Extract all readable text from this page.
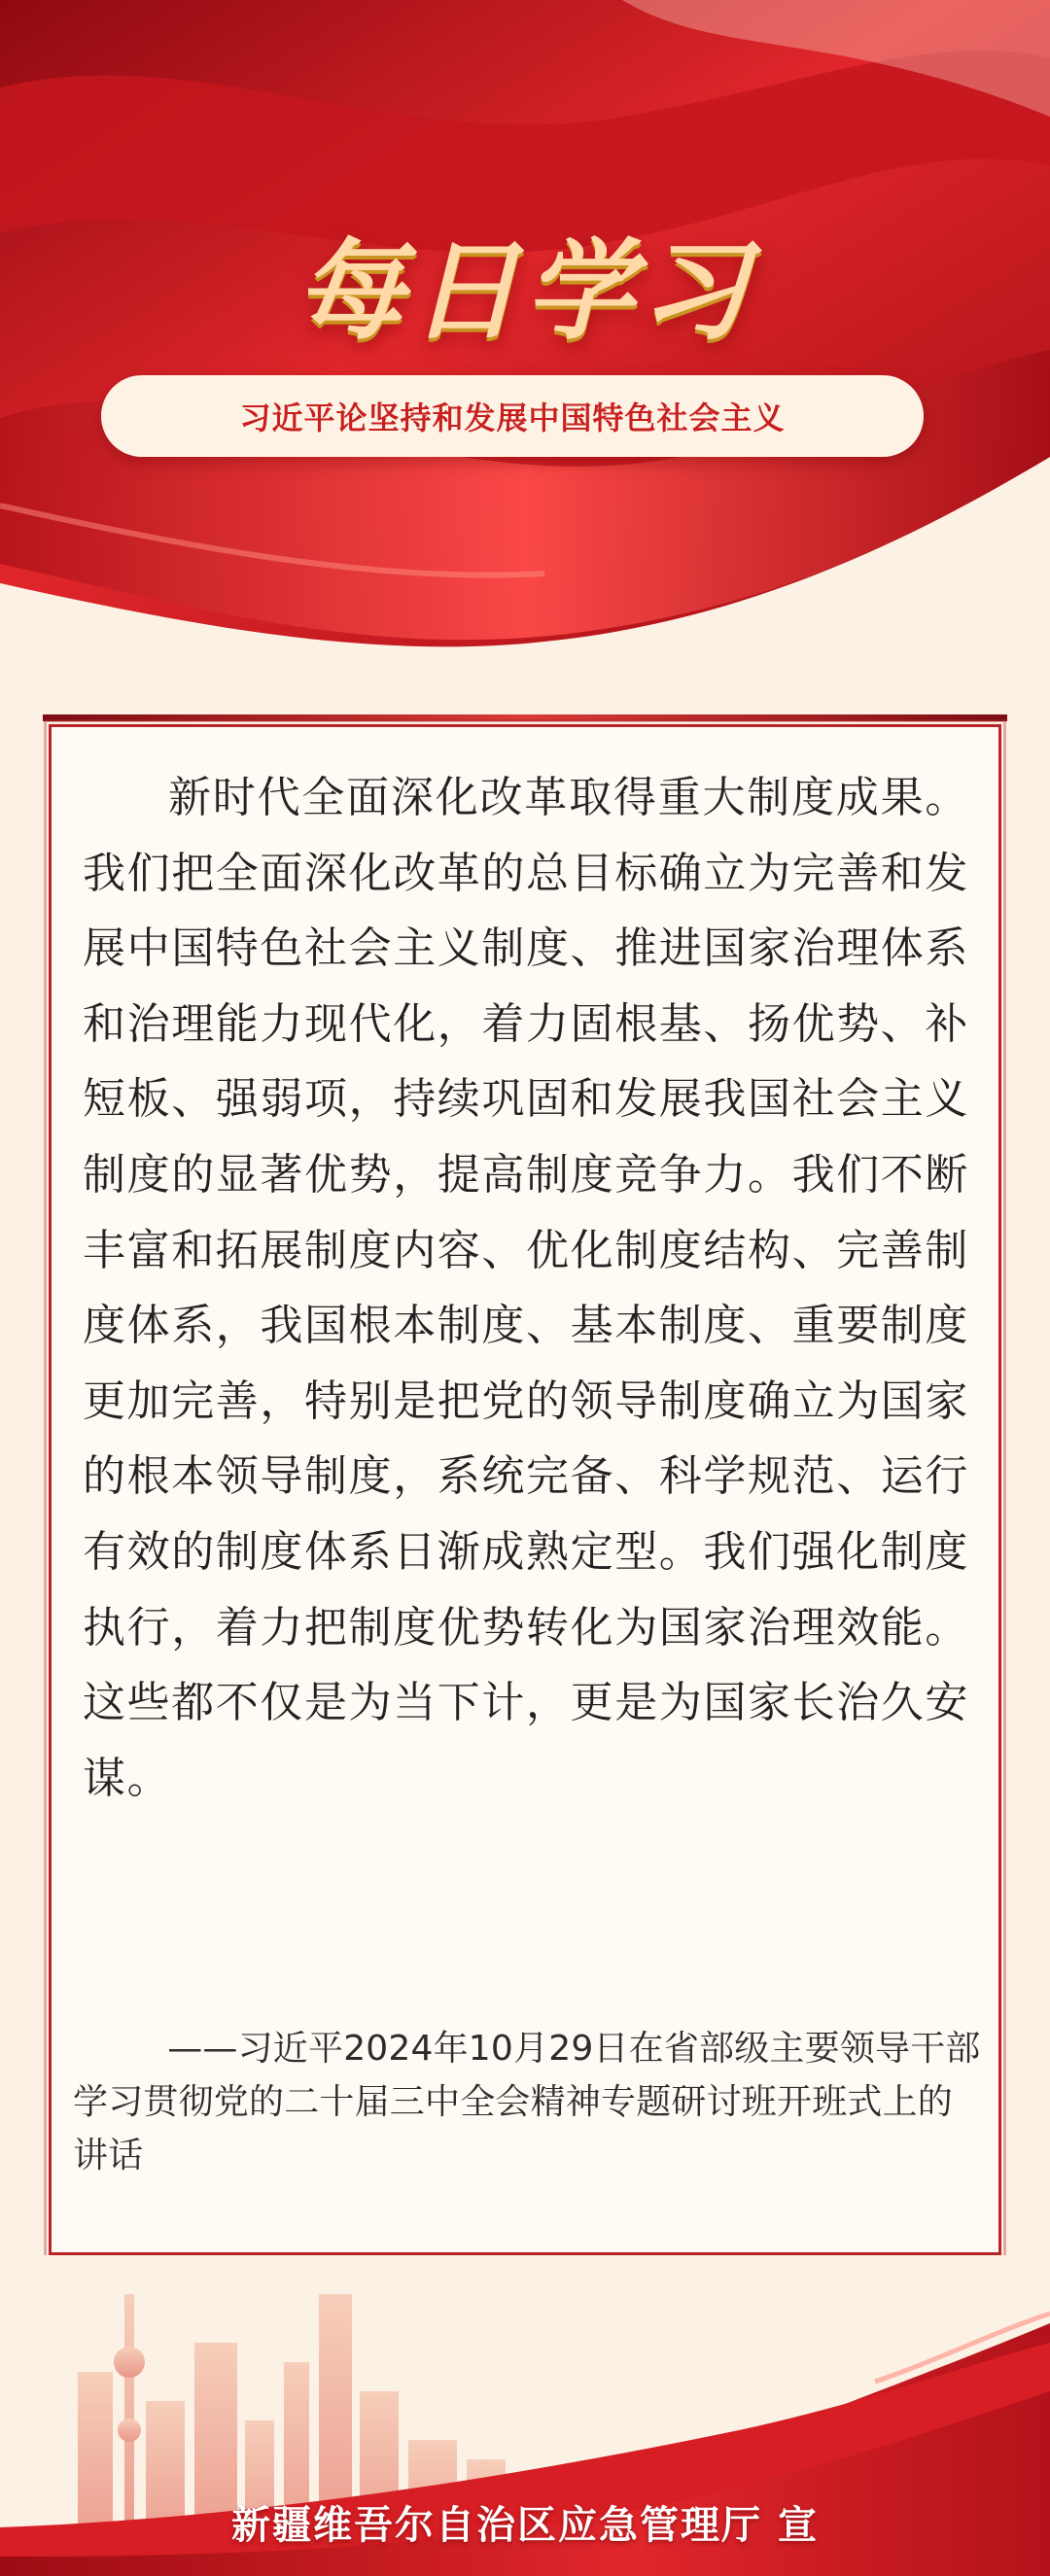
每日学习
习近平论坚持和发展中国特色社会主义
新时代全面深化改革取得重大制度成果。我们把全面深化改革的总目标确立为完善和发展中国特色社会主义制度、推进国家治理体系和治理能力现代化，着力固根基、扬优势、补短板、强弱项，持续巩固和发展我国社会主义制度的显著优势，提高制度竞争力。我们不断丰富和拓展制度内容、优化制度结构、完善制度体系，我国根本制度、基本制度、重要制度更加完善，特别是把党的领导制度确立为国家的根本领导制度，系统完备、科学规范、运行有效的制度体系日渐成熟定型。我们强化制度执行，着力把制度优势转化为国家治理效能。这些都不仅是为当下计，更是为国家长治久安谋。
——习近平2024年10月29日在省部级主要领导干部学习贯彻党的二十届三中全会精神专题研讨班开班式上的讲话
新疆维吾尔自治区应急管理厅 宣
